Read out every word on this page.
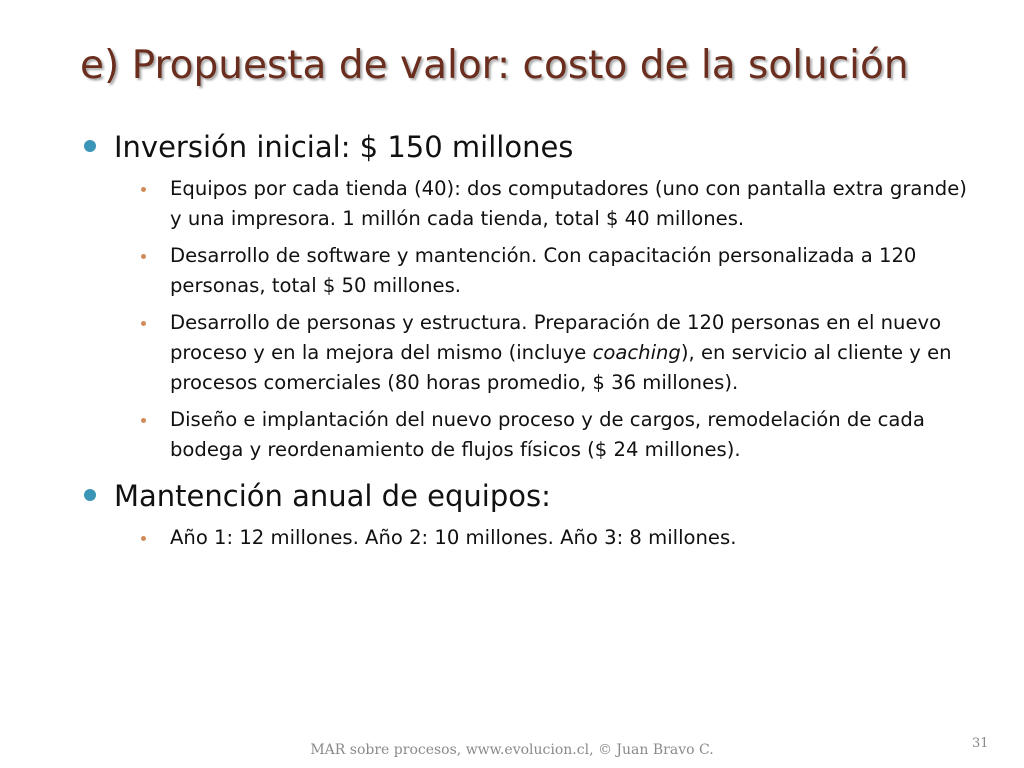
e) Propuesta de valor: costo de la solución
Inversión inicial: $ 150 millones
Equipos por cada tienda (40): dos computadores (uno con pantalla extra grande) y una impresora. 1 millón cada tienda, total $ 40 millones.
Desarrollo de software y mantención. Con capacitación personalizada a 120 personas, total $ 50 millones.
Desarrollo de personas y estructura. Preparación de 120 personas en el nuevo proceso y en la mejora del mismo (incluye coaching), en servicio al cliente y en procesos comerciales (80 horas promedio, $ 36 millones).
Diseño e implantación del nuevo proceso y de cargos, remodelación de cada bodega y reordenamiento de flujos físicos ($ 24 millones).
Mantención anual de equipos:
Año 1: 12 millones. Año 2: 10 millones. Año 3: 8 millones.
MAR sobre procesos, www.evolucion.cl, © Juan Bravo C.	31
